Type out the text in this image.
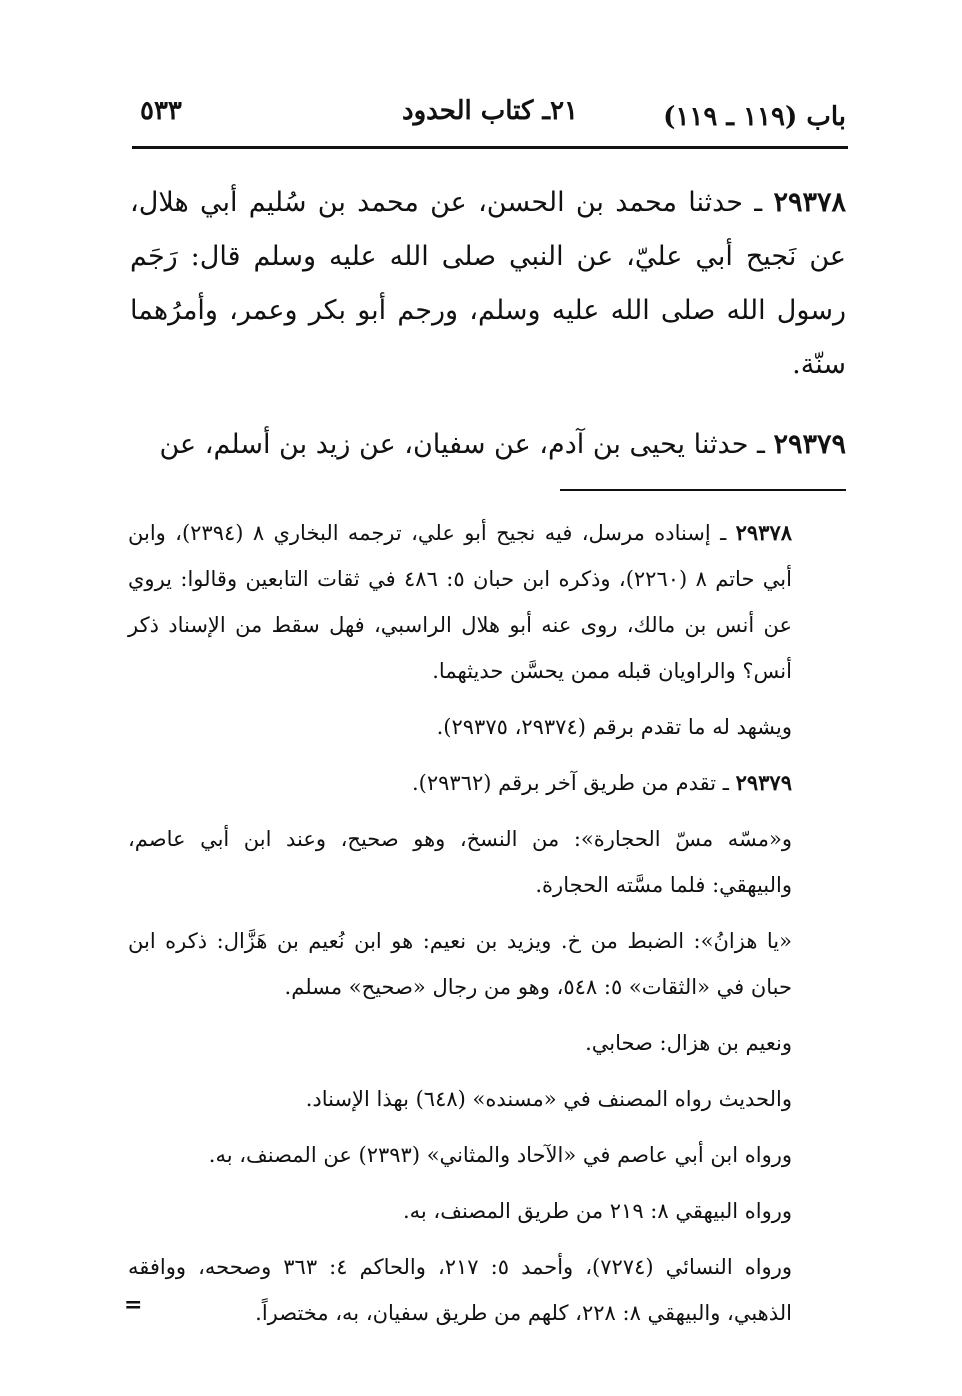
باب (١١٩ ـ ١١٩)
٢١ـ كتاب الحدود
٥٣٣

٢٩٣٧٨ ـ حدثنا محمد بن الحسن، عن محمد بن سُليم أبي هلال، عن نَجيح أبي عليّ، عن النبي صلى الله عليه وسلم قال: رَجَم رسول الله صلى الله عليه وسلم، ورجم أبو بكر وعمر، وأمرُهما سنّة.

٢٩٣٧٩ ـ حدثنا يحيى بن آدم، عن سفيان، عن زيد بن أسلم، عن

٢٩٣٧٨ ـ إسناده مرسل، فيه نجيح أبو علي، ترجمه البخاري ٨ (٢٣٩٤)، وابن أبي حاتم ٨ (٢٢٦٠)، وذكره ابن حبان ٥: ٤٨٦ في ثقات التابعين وقالوا: يروي عن أنس بن مالك، روى عنه أبو هلال الراسبي، فهل سقط من الإسناد ذكر أنس؟ والراويان قبله ممن يحسَّن حديثهما.

ويشهد له ما تقدم برقم (٢٩٣٧٤، ٢٩٣٧٥).

٢٩٣٧٩ ـ تقدم من طريق آخر برقم (٢٩٣٦٢).

و«مسّه مسّ الحجارة»: من النسخ، وهو صحيح، وعند ابن أبي عاصم، والبيهقي: فلما مسَّته الحجارة.

«يا هزانُ»: الضبط من خ. ويزيد بن نعيم: هو ابن نُعيم بن هَزَّال: ذكره ابن حبان في «الثقات» ٥: ٥٤٨، وهو من رجال «صحيح» مسلم.

ونعيم بن هزال: صحابي.

والحديث رواه المصنف في «مسنده» (٦٤٨) بهذا الإسناد.

ورواه ابن أبي عاصم في «الآحاد والمثاني» (٢٣٩٣) عن المصنف، به.

ورواه البيهقي ٨: ٢١٩ من طريق المصنف، به.

ورواه النسائي (٧٢٧٤)، وأحمد ٥: ٢١٧، والحاكم ٤: ٣٦٣ وصححه، ووافقه الذهبي، والبيهقي ٨: ٢٢٨، كلهم من طريق سفيان، به، مختصراً.

=
